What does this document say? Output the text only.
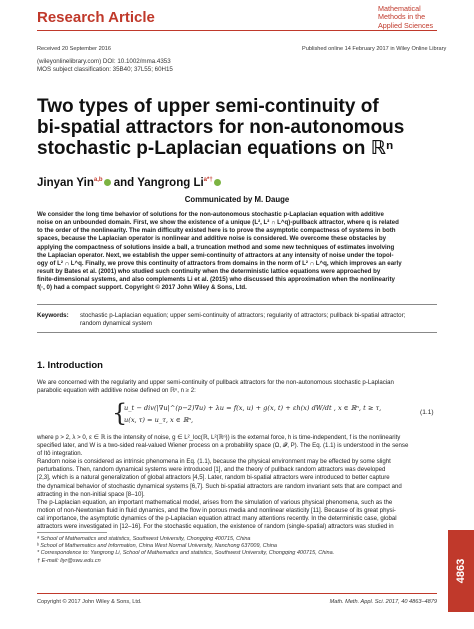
Research Article
Mathematical
Methods in the
Applied Sciences
Received 20 September 2016	Published online 14 February 2017 in Wiley Online Library
(wileyonlinelibrary.com) DOI: 10.1002/mma.4353
MOS subject classification: 35B40; 37L55; 60H15
Two types of upper semi-continuity of
bi-spatial attractors for non-autonomous
stochastic p-Laplacian equations on ℝⁿ
Jinyan Yin$^{a,b}$ and Yangrong $Li^{a*\dagger}$
Communicated by M. Dauge
We consider the long time behavior of solutions for the non-autonomous stochastic p-Laplacian equation with additive
noise on an unbounded domain. First, we show the existence of a unique (L², L² ∩ L^q)-pullback attractor, where q is related
to the order of the nonlinearity. The main difficulty existed here is to prove the asymptotic compactness of systems in both
spaces, because the Laplacian operator is nonlinear and additive noise is considered. We overcome these obstacles by
applying the compactness of solutions inside a ball, a truncation method and some new techniques of estimates involving
the Laplacian operator. Next, we establish the upper semi-continuity of attractors at any intensity of noise under the topol-
ogy of L² ∩ L^q. Finally, we prove this continuity of attractors from domains in the norm of L² ∩ L^q, which improves an early
result by Bates et al. (2001) who studied such continuity when the deterministic lattice equations were approached by
finite-dimensional systems, and also complements Li et al. (2015) who discussed this approximation when the nonlinearity
f(·, 0) had a compact support. Copyright © 2017 John Wiley & Sons, Ltd.
Keywords: stochastic p-Laplacian equation; upper semi-continuity of attractors; regularity of attractors; pullback bi-spatial attractor;
random dynamical system
1. Introduction
We are concerned with the regularity and upper semi-continuity of pullback attractors for the non-autonomous stochastic p-Laplacian
parabolic equation with additive noise defined on ℝⁿ, n ≥ 2:
{
u_t − div(|∇u|^(p−2)∇u) + λu = f(x, u) + g(x, t) + εh(x) dW/dt , x ∈ ℝⁿ, t ≥ τ,
u(x, τ) = u_τ, x ∈ ℝⁿ,
(1.1)
where p > 2, λ > 0, ε ∈ ℝ is the intensity of noise, g ∈ L²_loc(ℝ, L²(ℝⁿ)) is the external force, h is time-independent, f is the nonlinearity
specified later, and W is a two-sided real-valued Wiener process on a probability space (Ω, 𝓕, P). The Eq. (1.1) is understood in the sense
of Itô integration.
Random noise is considered as intrinsic phenomena in Eq. (1.1), because the physical environment may be effected by some slight
perturbations. Then, random dynamical systems were introduced [1], and the theory of pullback random attractors was developed
[2,3], which is a natural generalization of global attractors [4,5]. Later, random bi-spatial attractors were introduced to better capture
the dynamical behavior of stochastic dynamical systems [6,7]. Such bi-spatial attractors are random invariant sets that are compact and
attracting in the non-initial space [8–10].
The p-Laplacian equation, an important mathematical model, arises from the simulation of various physical phenomena, such as the
motion of non-Newtonian fluid in fluid dynamics, and the flow in porous media and nonlinear elasticity [11]. Because of its great physi-
cal importance, the asymptotic dynamics of the p-Laplacian equation attract many attentions recently. In the deterministic case, global
attractors were investigated in [12–16]. For the stochastic equation, the existence of random (single-spatial) attractors was studied in
ª School of Mathematics and statistics, Southwest University, Chongqing 400715, China
ᵇ School of Mathematics and Information, China West Normal University, Nanchong 637009, China
* Correspondence to: Yangrong Li, School of Mathematics and statistics, Southwest University, Chongqing 400715, China.
† E-mail: liyr@swu.edu.cn
Copyright © 2017 John Wiley & Sons, Ltd.	Math. Meth. Appl. Sci. 2017, 40 4863–4879
4863
